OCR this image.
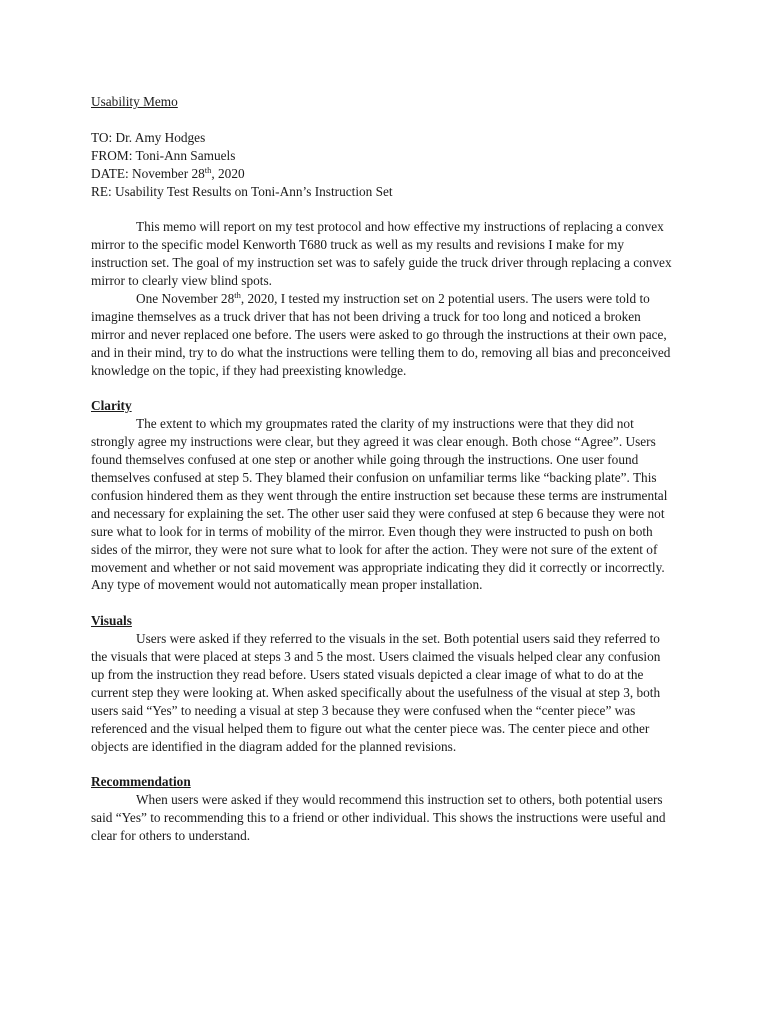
Usability Memo

TO: Dr. Amy Hodges
FROM: Toni-Ann Samuels
DATE: November 28th, 2020
RE: Usability Test Results on Toni-Ann’s Instruction Set

This memo will report on my test protocol and how effective my instructions of replacing a convex mirror to the specific model Kenworth T680 truck as well as my results and revisions I make for my instruction set. The goal of my instruction set was to safely guide the truck driver through replacing a convex mirror to clearly view blind spots.

One November 28th, 2020, I tested my instruction set on 2 potential users. The users were told to imagine themselves as a truck driver that has not been driving a truck for too long and noticed a broken mirror and never replaced one before. The users were asked to go through the instructions at their own pace, and in their mind, try to do what the instructions were telling them to do, removing all bias and preconceived knowledge on the topic, if they had preexisting knowledge.

Clarity

The extent to which my groupmates rated the clarity of my instructions were that they did not strongly agree my instructions were clear, but they agreed it was clear enough. Both chose “Agree”. Users found themselves confused at one step or another while going through the instructions. One user found themselves confused at step 5. They blamed their confusion on unfamiliar terms like “backing plate”. This confusion hindered them as they went through the entire instruction set because these terms are instrumental and necessary for explaining the set. The other user said they were confused at step 6 because they were not sure what to look for in terms of mobility of the mirror. Even though they were instructed to push on both sides of the mirror, they were not sure what to look for after the action. They were not sure of the extent of movement and whether or not said movement was appropriate indicating they did it correctly or incorrectly. Any type of movement would not automatically mean proper installation.

Visuals

Users were asked if they referred to the visuals in the set. Both potential users said they referred to the visuals that were placed at steps 3 and 5 the most. Users claimed the visuals helped clear any confusion up from the instruction they read before. Users stated visuals depicted a clear image of what to do at the current step they were looking at. When asked specifically about the usefulness of the visual at step 3, both users said “Yes” to needing a visual at step 3 because they were confused when the “center piece” was referenced and the visual helped them to figure out what the center piece was. The center piece and other objects are identified in the diagram added for the planned revisions.

Recommendation

When users were asked if they would recommend this instruction set to others, both potential users said “Yes” to recommending this to a friend or other individual. This shows the instructions were useful and clear for others to understand.
